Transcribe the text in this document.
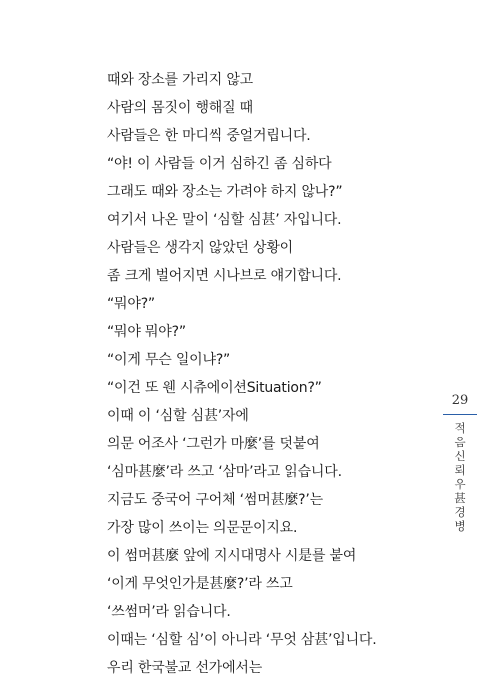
때와 장소를 가리지 않고
사람의 몸짓이 행해질 때
사람들은 한 마디씩 중얼거립니다.
“야! 이 사람들 이거 심하긴 좀 심하다
그래도 때와 장소는 가려야 하지 않나?”
여기서 나온 말이 ‘심할 심甚’ 자입니다.
사람들은 생각지 않았던 상황이
좀 크게 벌어지면 시나브로 얘기합니다.
“뭐야?”
“뭐야 뭐야?”
“이게 무슨 일이냐?”
“이건 또 웬 시츄에이션Situation?”
이때 이 ‘심할 심甚’자에
의문 어조사 ‘그런가 마麼’를 덧붙여
‘심마甚麼’라 쓰고 ‘삼마’라고 읽습니다.
지금도 중국어 구어체 ‘썸머甚麼?’는
가장 많이 쓰이는 의문문이지요.
이 썸머甚麼 앞에 지시대명사 시是를 붙여
‘이게 무엇인가是甚麼?’라 쓰고
‘쓰썸머’라 읽습니다.
이때는 ‘심할 심’이 아니라 ‘무엇 삼甚’입니다.
우리 한국불교 선가에서는
29
적음신뢰우甚경병
